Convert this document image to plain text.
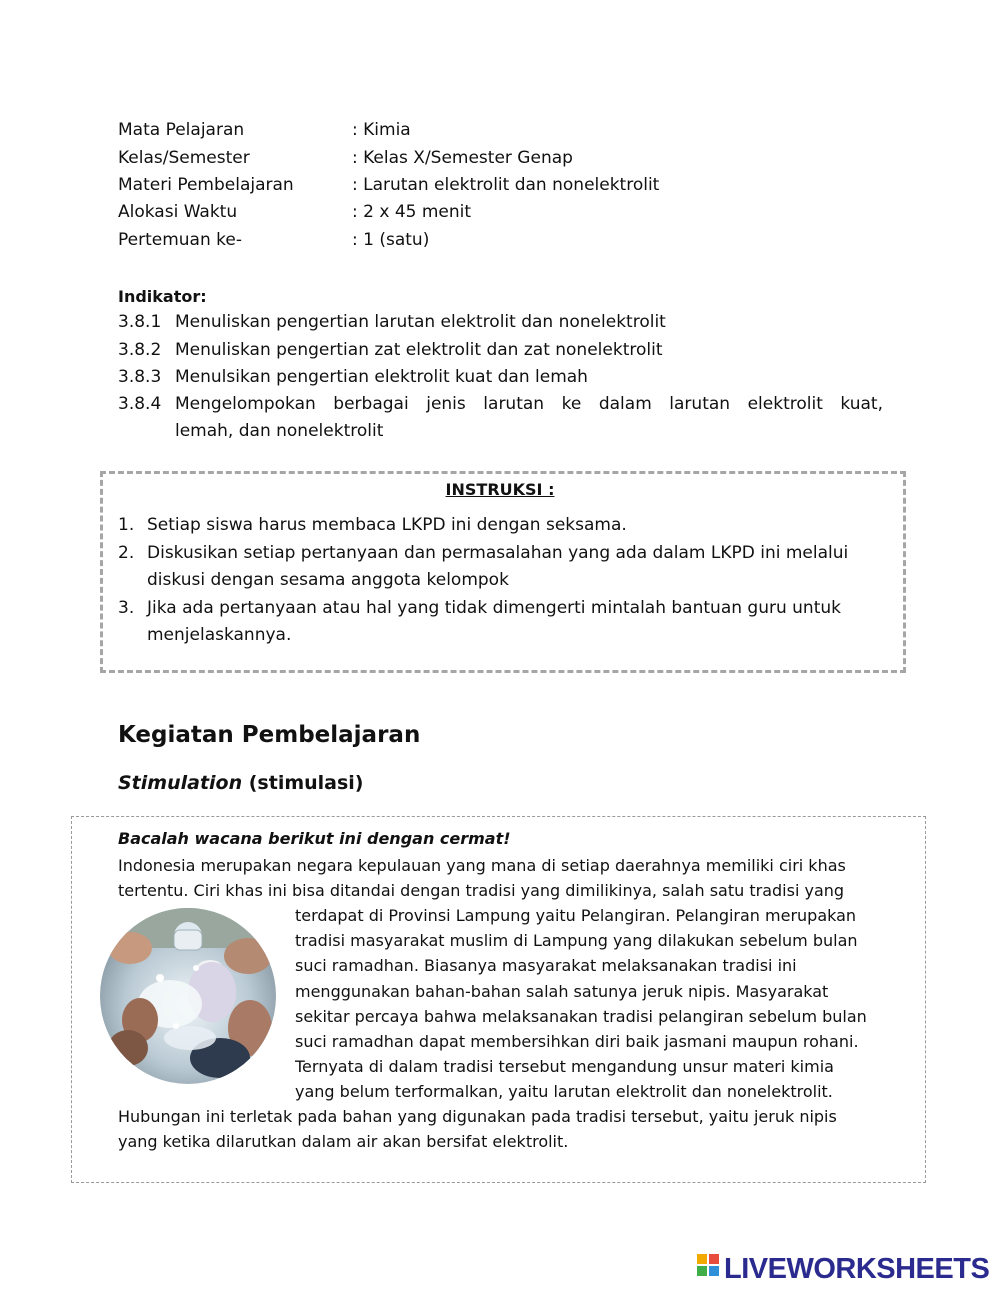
Mata Pelajaran	: Kimia
Kelas/Semester	: Kelas X/Semester Genap
Materi Pembelajaran	: Larutan elektrolit dan nonelektrolit
Alokasi Waktu	: 2 x 45 menit
Pertemuan ke-	: 1 (satu)
Indikator:
3.8.1 Menuliskan pengertian larutan elektrolit dan nonelektrolit
3.8.2 Menuliskan pengertian zat elektrolit dan zat nonelektrolit
3.8.3 Menulsikan pengertian elektrolit kuat dan lemah
3.8.4 Mengelompokan berbagai jenis larutan ke dalam larutan elektrolit kuat,
lemah, dan nonelektrolit
INSTRUKSI :
1. Setiap siswa harus membaca LKPD ini dengan seksama.
2. Diskusikan setiap pertanyaan dan permasalahan yang ada dalam LKPD ini melalui
diskusi dengan sesama anggota kelompok
3. Jika ada pertanyaan atau hal yang tidak dimengerti mintalah bantuan guru untuk
menjelaskannya.
Kegiatan Pembelajaran
Stimulation (stimulasi)
Bacalah wacana berikut ini dengan cermat!
Indonesia merupakan negara kepulauan yang mana di setiap daerahnya memiliki ciri khas
tertentu. Ciri khas ini bisa ditandai dengan tradisi yang dimilikinya, salah satu tradisi yang
terdapat di Provinsi Lampung yaitu Pelangiran. Pelangiran merupakan
tradisi masyarakat muslim di Lampung yang dilakukan sebelum bulan
suci ramadhan. Biasanya masyarakat melaksanakan tradisi ini
menggunakan bahan-bahan salah satunya jeruk nipis. Masyarakat
sekitar percaya bahwa melaksanakan tradisi pelangiran sebelum bulan
suci ramadhan dapat membersihkan diri baik jasmani maupun rohani.
Ternyata di dalam tradisi tersebut mengandung unsur materi kimia
yang belum terformalkan, yaitu larutan elektrolit dan nonelektrolit.
Hubungan ini terletak pada bahan yang digunakan pada tradisi tersebut, yaitu jeruk nipis
yang ketika dilarutkan dalam air akan bersifat elektrolit.
LIVEWORKSHEETS
